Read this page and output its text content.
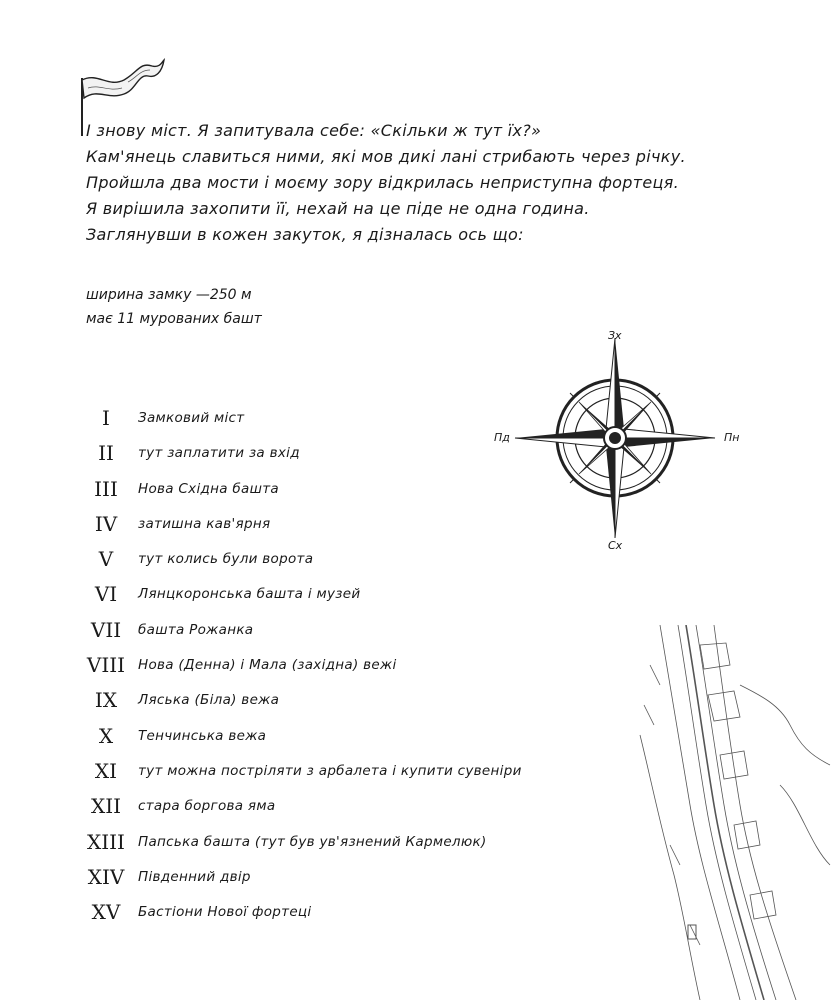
І знову міст. Я запитувала себе: «Скільки ж тут їх?»
Кам'янець славиться ними, які мов дикі лані стрибають через річку.
Пройшла два мости і моєму зору відкрилась неприступна фортеця.
Я вирішила захопити її, нехай на це піде не одна година.
Заглянувши в кожен закуток, я дізналась ось що:
ширина замку —250 м
має 11 мурованих башт
Зх
Сх
Пд	Пн
I	Замковий міст
II	тут заплатити за вхід
III	Нова Східна башта
IV	затишна кав'ярня
V	тут колись були ворота
VI	Лянцкоронська башта і музей
VII	башта Рожанка
VIII Нова (Денна) і Мала (західна) вежі
IX	Ляська (Біла) вежа
X	Тенчинська вежа
XI	тут можна постріляти з арбалета і купити сувеніри
XII	стара боргова яма
XIII Папська башта (тут був ув'язнений Кармелюк)
XIV Південний двір
XV	Бастіони Нової фортеці
